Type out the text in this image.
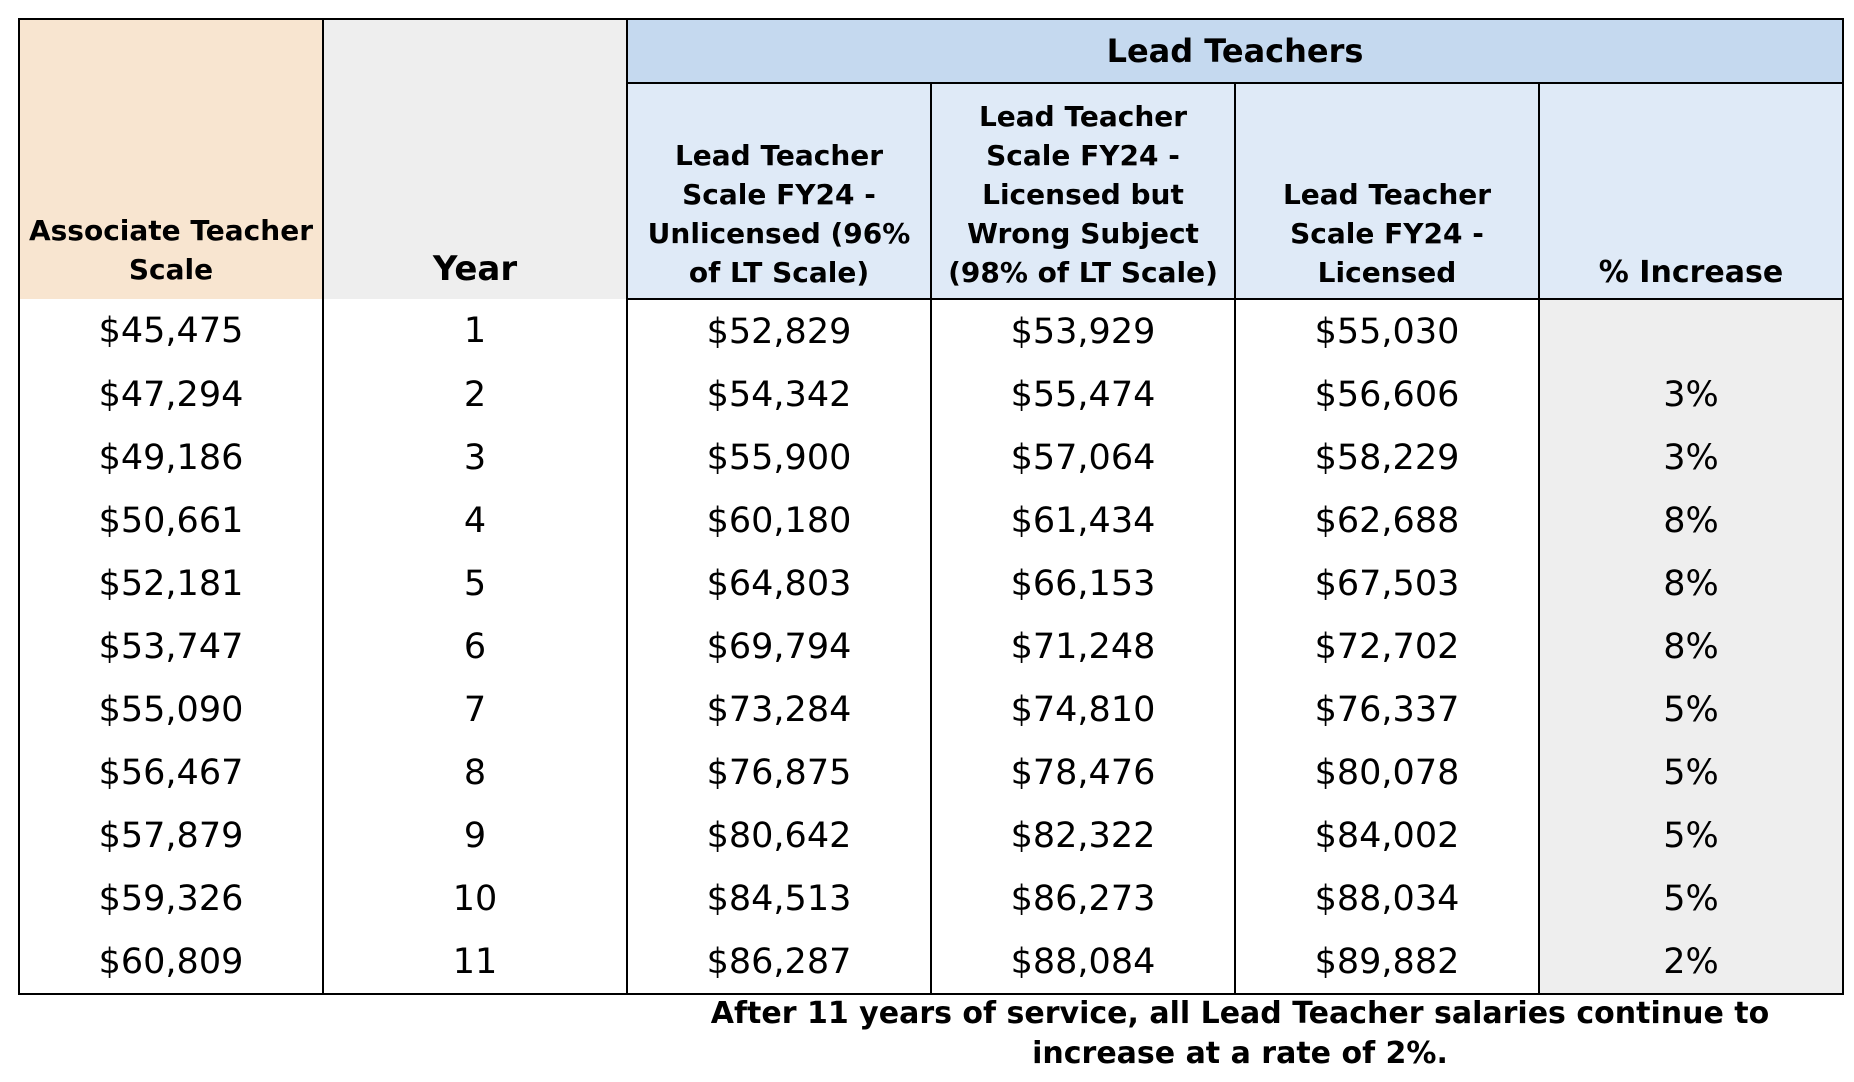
Associate Teacher Scale	Year	Lead Teachers			
		Lead Teacher Scale FY24 - Unlicensed (96% of LT Scale)	Lead Teacher Scale FY24 - Licensed but Wrong Subject (98% of LT Scale)	Lead Teacher Scale FY24 - Licensed	% Increase
$45,475	1	$52,829	$53,929	$55,030	
$47,294	2	$54,342	$55,474	$56,606	3%
$49,186	3	$55,900	$57,064	$58,229	3%
$50,661	4	$60,180	$61,434	$62,688	8%
$52,181	5	$64,803	$66,153	$67,503	8%
$53,747	6	$69,794	$71,248	$72,702	8%
$55,090	7	$73,284	$74,810	$76,337	5%
$56,467	8	$76,875	$78,476	$80,078	5%
$57,879	9	$80,642	$82,322	$84,002	5%
$59,326	10	$84,513	$86,273	$88,034	5%
$60,809	11	$86,287	$88,084	$89,882	2%
After 11 years of service, all Lead Teacher salaries continue to increase at a rate of 2%.
